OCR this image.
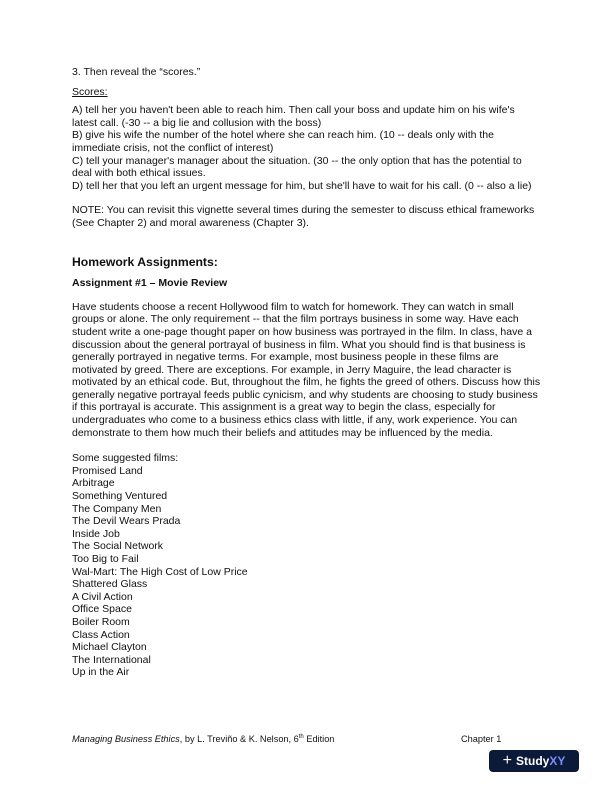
3. Then reveal the “scores.”

Scores:

A) tell her you haven't been able to reach him. Then call your boss and update him on his wife's latest call. (-30 -- a big lie and collusion with the boss)

B) give his wife the number of the hotel where she can reach him. (10 -- deals only with the immediate crisis, not the conflict of interest)

C) tell your manager's manager about the situation. (30 -- the only option that has the potential to deal with both ethical issues.

D) tell her that you left an urgent message for him, but she'll have to wait for his call. (0 -- also a lie)

NOTE: You can revisit this vignette several times during the semester to discuss ethical frameworks (See Chapter 2) and moral awareness (Chapter 3).

Homework Assignments:

Assignment #1 – Movie Review

Have students choose a recent Hollywood film to watch for homework. They can watch in small groups or alone. The only requirement -- that the film portrays business in some way. Have each student write a one-page thought paper on how business was portrayed in the film. In class, have a discussion about the general portrayal of business in film. What you should find is that business is generally portrayed in negative terms. For example, most business people in these films are motivated by greed. There are exceptions. For example, in Jerry Maguire, the lead character is motivated by an ethical code. But, throughout the film, he fights the greed of others. Discuss how this generally negative portrayal feeds public cynicism, and why students are choosing to study business if this portrayal is accurate. This assignment is a great way to begin the class, especially for undergraduates who come to a business ethics class with little, if any, work experience. You can demonstrate to them how much their beliefs and attitudes may be influenced by the media.

Some suggested films:

Promised Land
Arbitrage
Something Ventured
The Company Men
The Devil Wears Prada
Inside Job
The Social Network
Too Big to Fail
Wal-Mart: The High Cost of Low Price
Shattered Glass
A Civil Action
Office Space
Boiler Room
Class Action
Michael Clayton
The International
Up in the Air
Managing Business Ethics, by L. Treviño & K. Nelson, 6th Edition	Chapter 1
+ StudyXY
